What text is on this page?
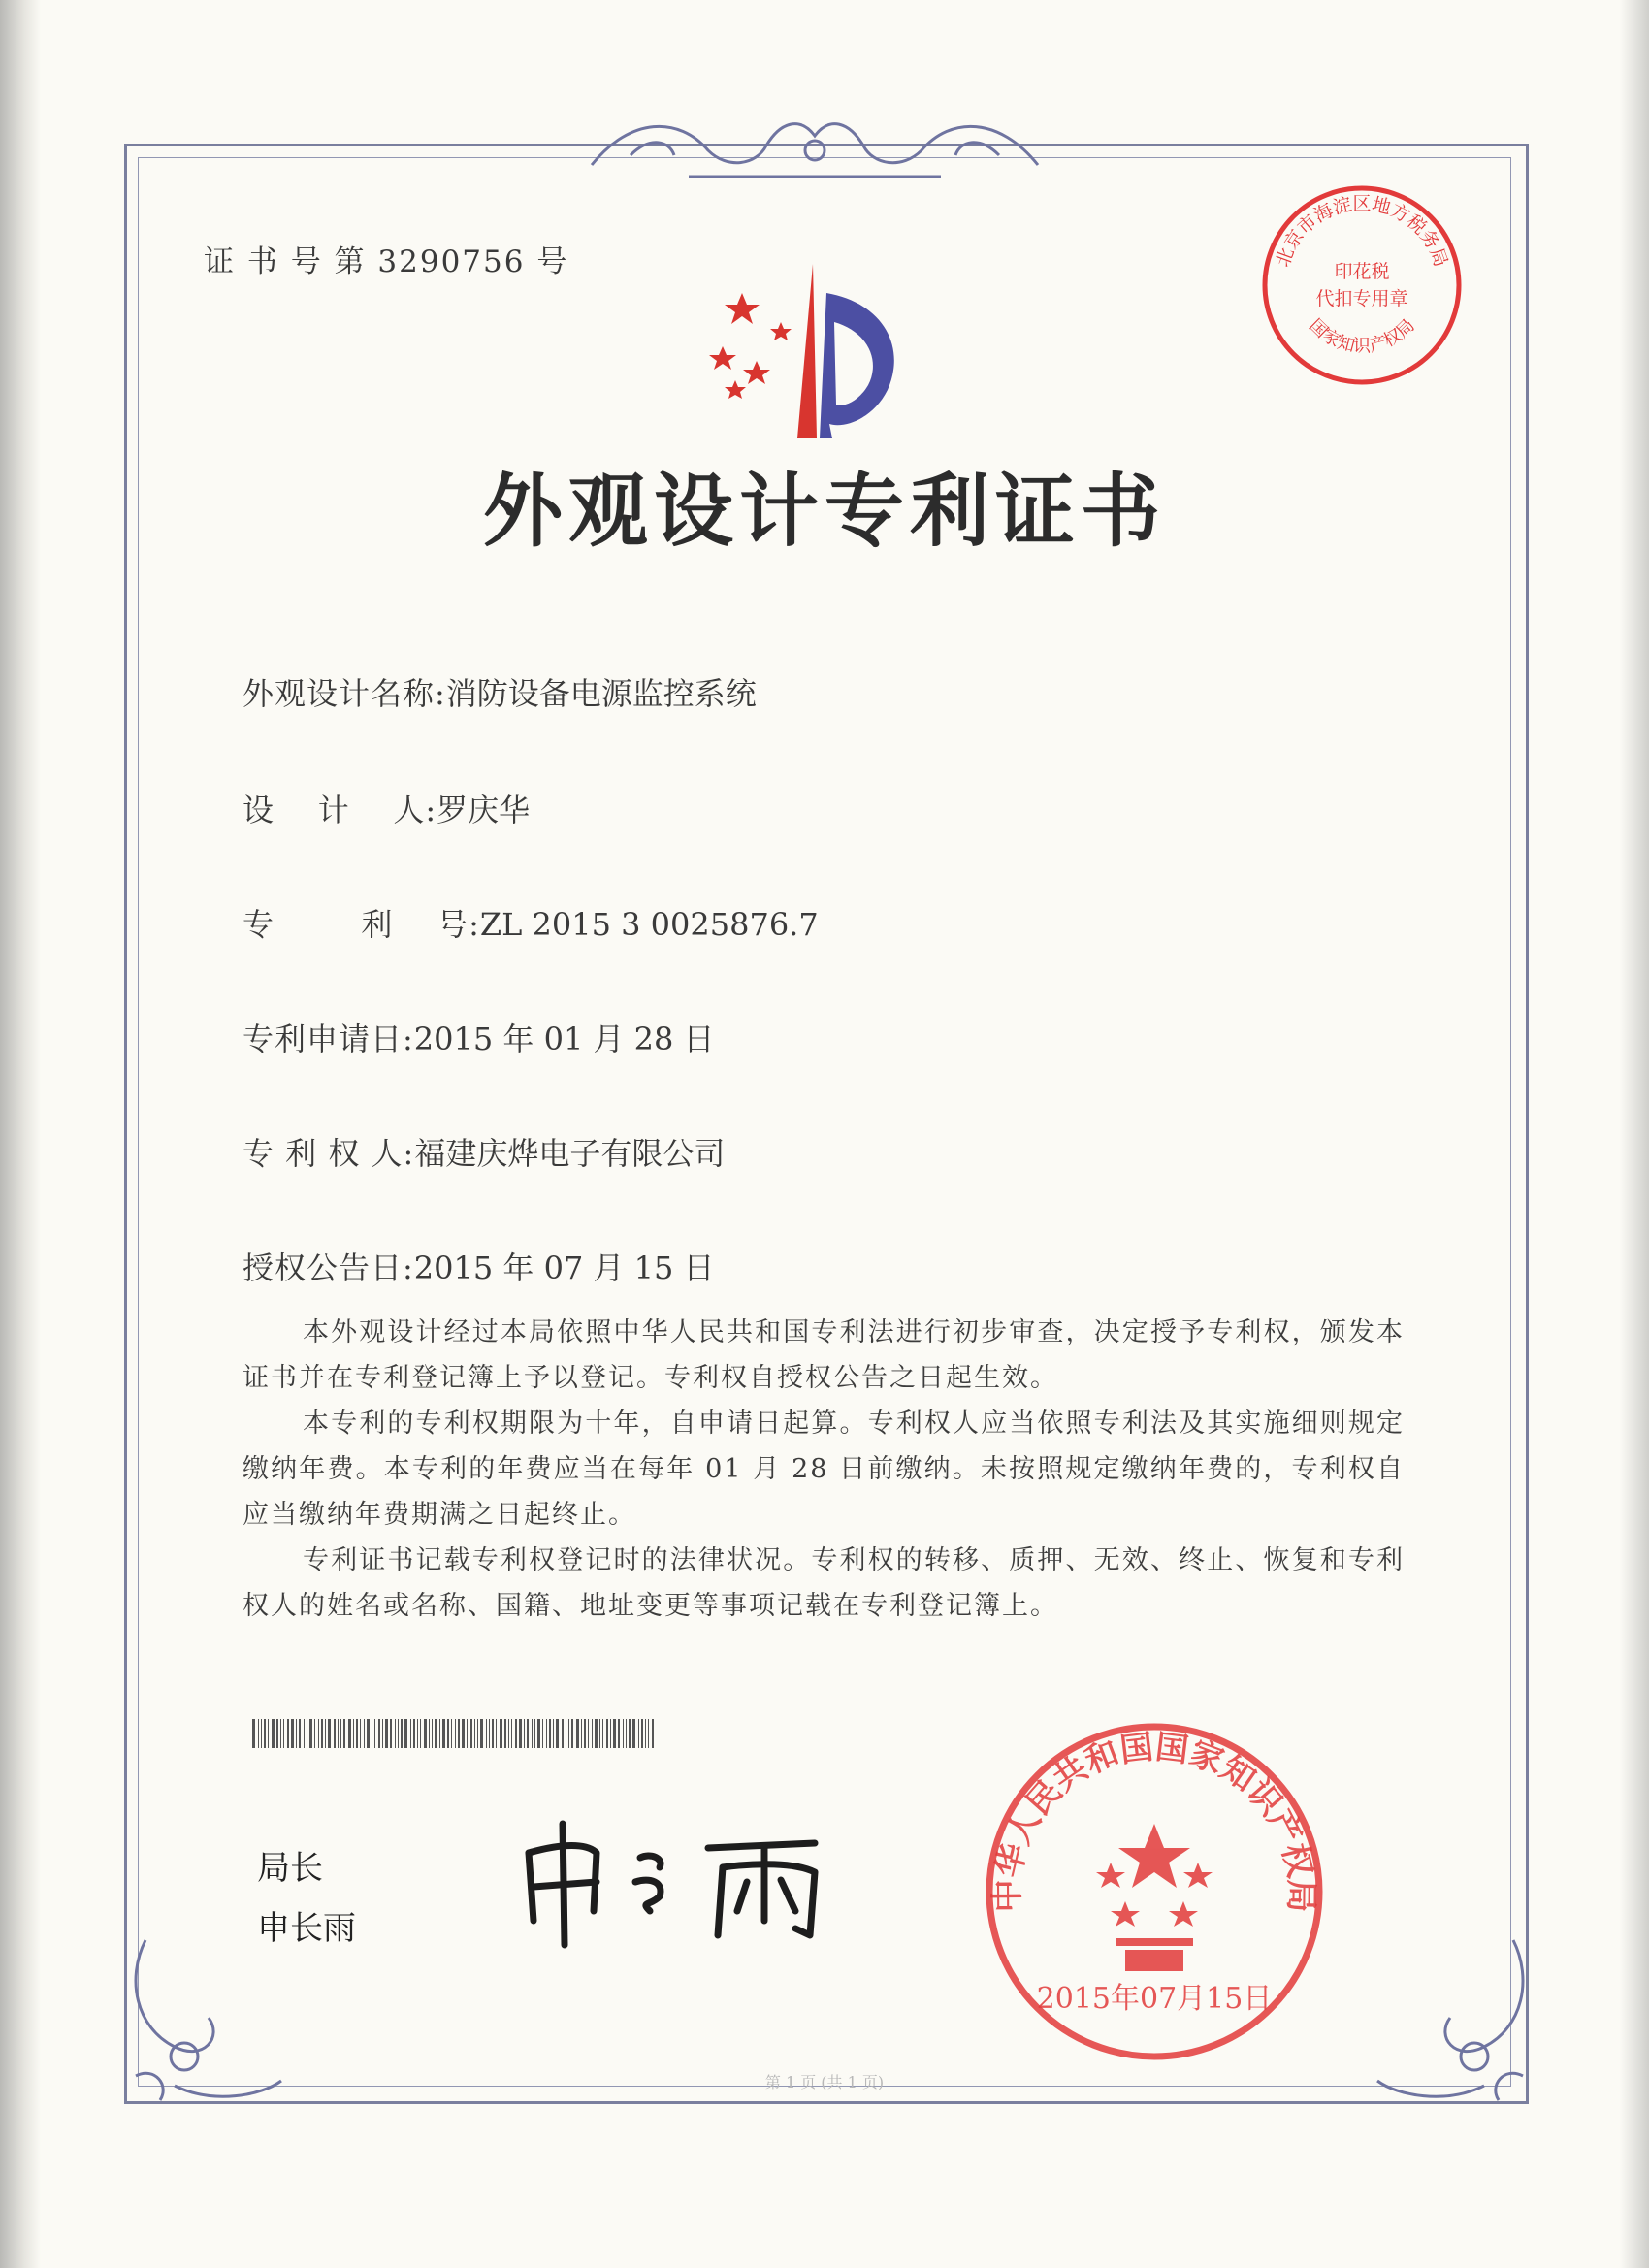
证 书 号 第 3290756 号
外观设计专利证书
北京市海淀区地方税务局
印花税
代扣专用章
国家知识产权局
外观设计名称:消防设备电源监控系统
设    计    人:罗庆华
专        利    号:ZL 2015 3 0025876.7
专利申请日:2015 年 01 月 28 日
专 利 权 人:福建庆烨电子有限公司
授权公告日:2015 年 07 月 15 日

本外观设计经过本局依照中华人民共和国专利法进行初步审查，决定授予专利权，颁发本证书并在专利登记簿上予以登记。专利权自授权公告之日起生效。

本专利的专利权期限为十年，自申请日起算。专利权人应当依照专利法及其实施细则规定缴纳年费。本专利的年费应当在每年 01 月 28 日前缴纳。未按照规定缴纳年费的，专利权自应当缴纳年费期满之日起终止。

专利证书记载专利权登记时的法律状况。专利权的转移、质押、无效、终止、恢复和专利权人的姓名或名称、国籍、地址变更等事项记载在专利登记簿上。

局长
申长雨
中华人民共和国国家知识产权局
2015年07月15日
第 1 页 (共 1 页)
